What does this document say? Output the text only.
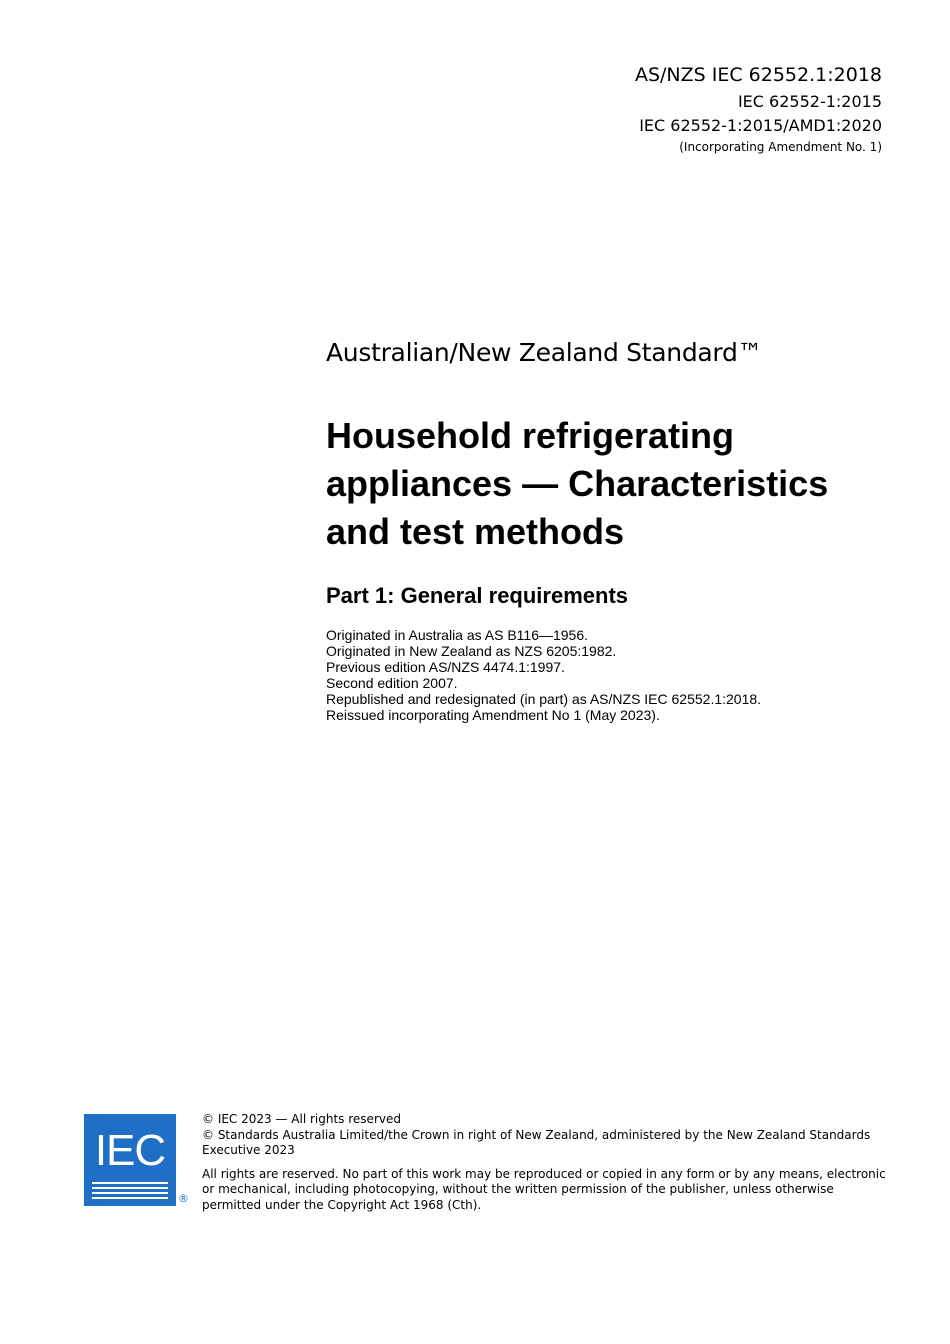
AS/NZS IEC 62552.1:2018
IEC 62552-1:2015
IEC 62552-1:2015/AMD1:2020
(Incorporating Amendment No. 1)
Australian/New Zealand Standard™
Household refrigerating
appliances — Characteristics
and test methods
Part 1: General requirements
Originated in Australia as AS B116—1956.
Originated in New Zealand as NZS 6205:1982.
Previous edition AS/NZS 4474.1:1997.
Second edition 2007.
Republished and redesignated (in part) as AS/NZS IEC 62552.1:2018.
Reissued incorporating Amendment No 1 (May 2023).
IEC
®

© IEC 2023 — All rights reserved

© Standards Australia Limited/the Crown in right of New Zealand, administered by the New Zealand Standards Executive 2023

All rights are reserved. No part of this work may be reproduced or copied in any form or by any means, electronic or mechanical, including photocopying, without the written permission of the publisher, unless otherwise permitted under the Copyright Act 1968 (Cth).
